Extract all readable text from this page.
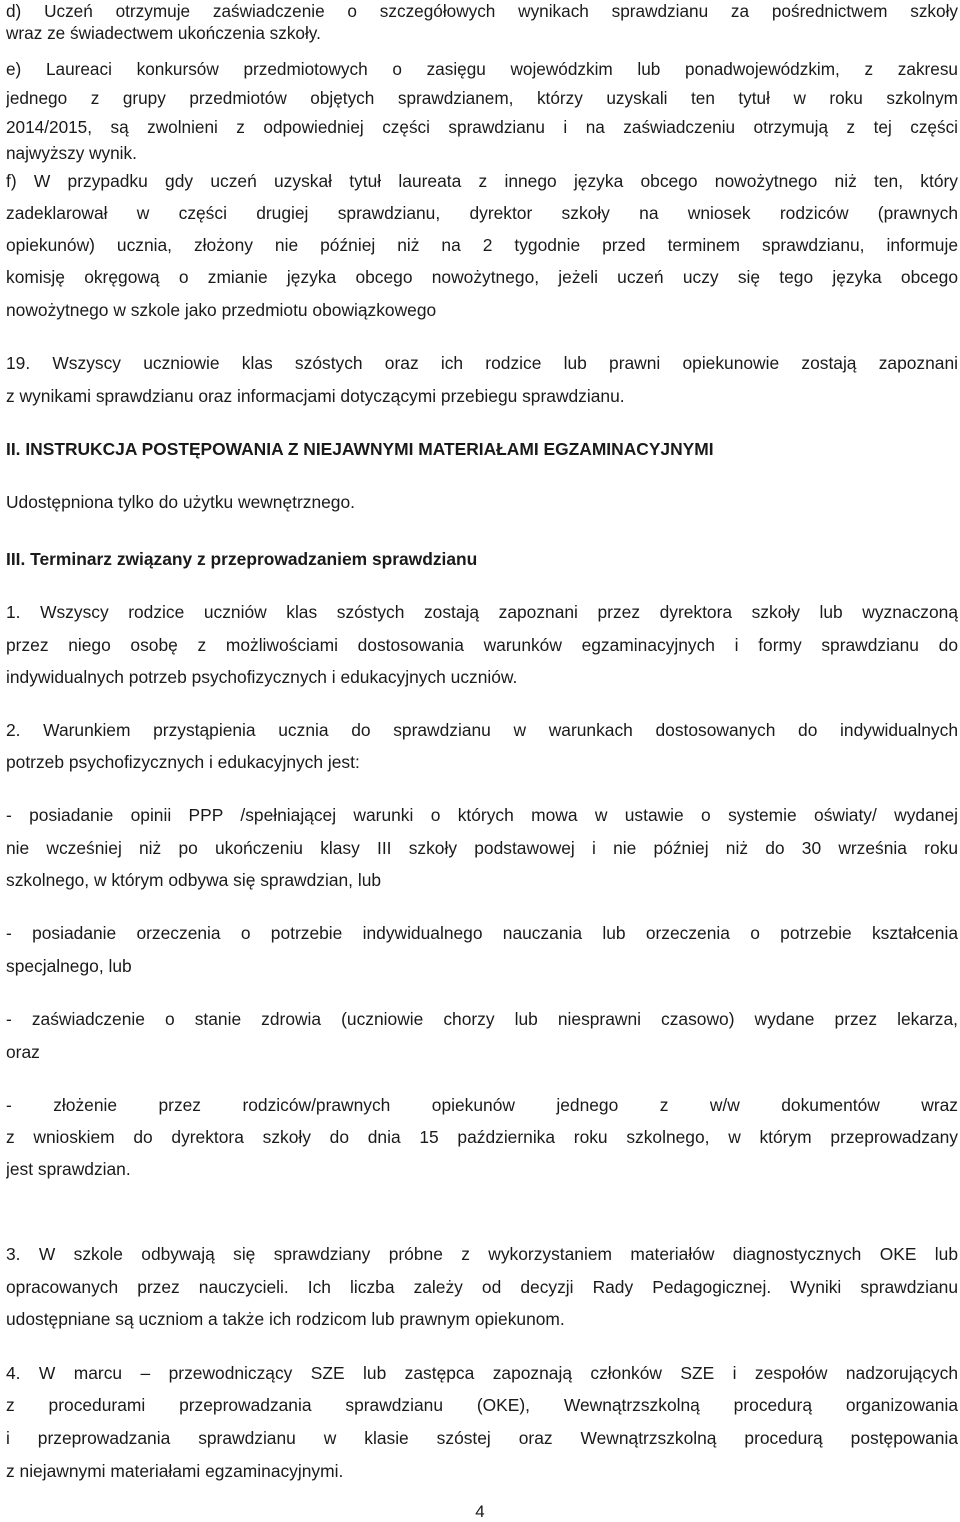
d) Uczeń otrzymuje zaświadczenie o szczegółowych wynikach sprawdzianu za pośrednictwem szkoły
wraz ze świadectwem ukończenia szkoły.
e) Laureaci konkursów przedmiotowych o zasięgu wojewódzkim lub ponadwojewódzkim, z zakresu
jednego z grupy przedmiotów objętych sprawdzianem, którzy uzyskali ten tytuł w roku szkolnym
2014/2015, są zwolnieni z odpowiedniej części sprawdzianu i na zaświadczeniu otrzymują z tej części
najwyższy wynik.
f) W przypadku gdy uczeń uzyskał tytuł laureata z innego języka obcego nowożytnego niż ten, który
zadeklarował w części drugiej sprawdzianu, dyrektor szkoły na wniosek rodziców (prawnych
opiekunów) ucznia, złożony nie później niż na 2 tygodnie przed terminem sprawdzianu, informuje
komisję okręgową o zmianie języka obcego nowożytnego, jeżeli uczeń uczy się tego języka obcego
nowożytnego w szkole jako przedmiotu obowiązkowego
19. Wszyscy uczniowie klas szóstych oraz ich rodzice lub prawni opiekunowie zostają zapoznani
z wynikami sprawdzianu oraz informacjami dotyczącymi przebiegu sprawdzianu.
II. INSTRUKCJA POSTĘPOWANIA Z NIEJAWNYMI MATERIAŁAMI EGZAMINACYJNYMI
Udostępniona tylko do użytku wewnętrznego.
III. Terminarz związany z przeprowadzaniem sprawdzianu
1. Wszyscy rodzice uczniów klas szóstych zostają zapoznani przez dyrektora szkoły lub wyznaczoną
przez niego osobę z możliwościami dostosowania warunków egzaminacyjnych i formy sprawdzianu do
indywidualnych potrzeb psychofizycznych i edukacyjnych uczniów.
2. Warunkiem przystąpienia ucznia do sprawdzianu w warunkach dostosowanych do indywidualnych
potrzeb psychofizycznych i edukacyjnych jest:
- posiadanie opinii PPP /spełniającej warunki o których mowa w ustawie o systemie oświaty/ wydanej
nie wcześniej niż po ukończeniu klasy III szkoły podstawowej i nie później niż do 30 września roku
szkolnego, w którym odbywa się sprawdzian, lub
- posiadanie orzeczenia o potrzebie indywidualnego nauczania lub orzeczenia o potrzebie kształcenia
specjalnego, lub
- zaświadczenie o stanie zdrowia (uczniowie chorzy lub niesprawni czasowo) wydane przez lekarza,
oraz
- złożenie przez rodziców/prawnych opiekunów jednego z w/w dokumentów wraz
z wnioskiem do dyrektora szkoły do dnia 15 października roku szkolnego, w którym przeprowadzany
jest sprawdzian.
3. W szkole odbywają się sprawdziany próbne z wykorzystaniem materiałów diagnostycznych OKE lub
opracowanych przez nauczycieli. Ich liczba zależy od decyzji Rady Pedagogicznej. Wyniki sprawdzianu
udostępniane są uczniom a także ich rodzicom lub prawnym opiekunom.
4. W marcu – przewodniczący SZE lub zastępca zapoznają członków SZE i zespołów nadzorujących
z procedurami przeprowadzania sprawdzianu (OKE), Wewnątrzszkolną procedurą organizowania
i przeprowadzania sprawdzianu w klasie szóstej oraz Wewnątrzszkolną procedurą postępowania
z niejawnymi materiałami egzaminacyjnymi.
4
